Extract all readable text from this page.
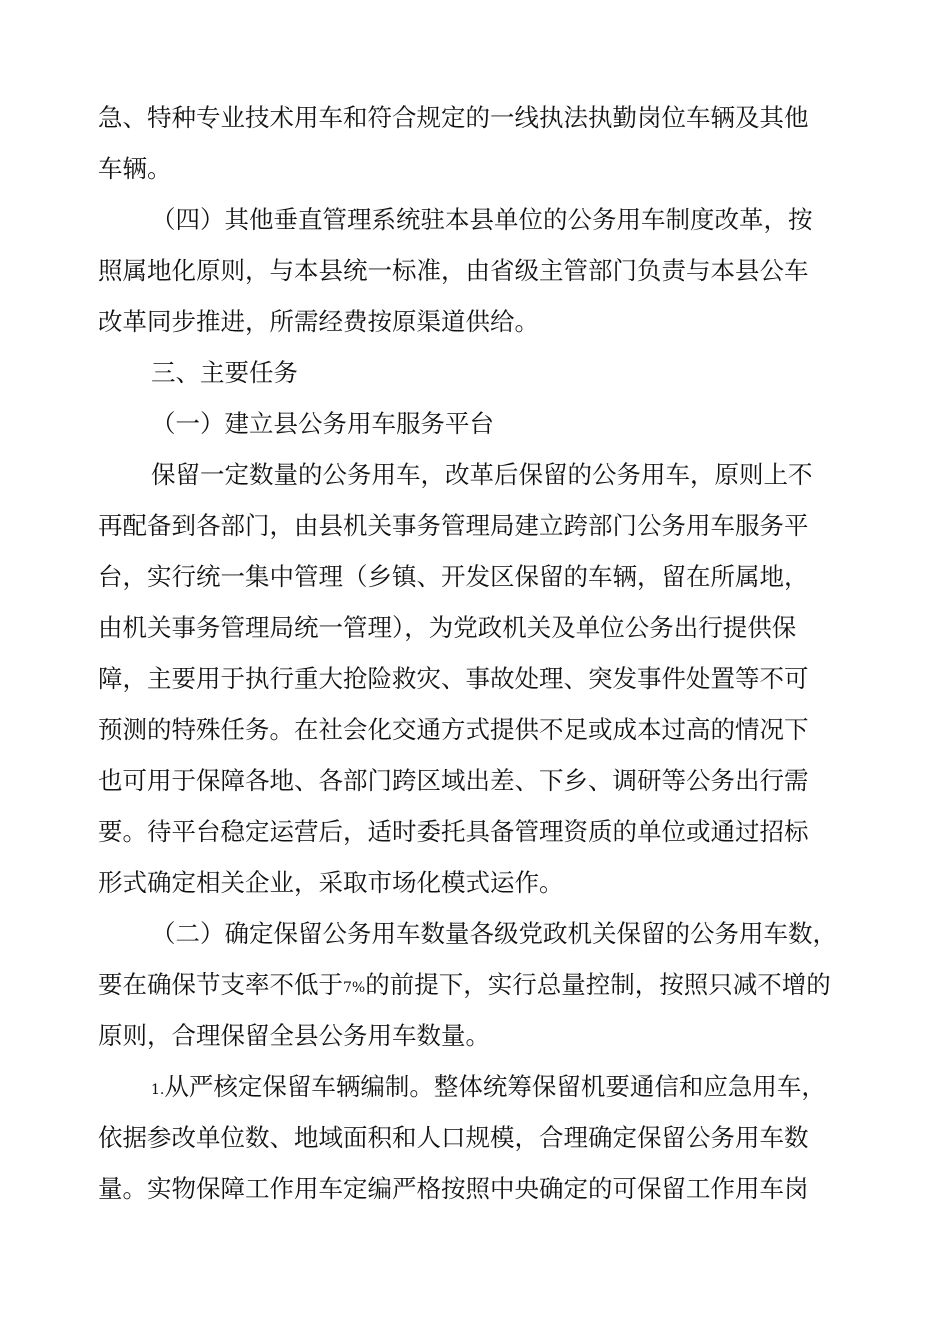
急、特种专业技术用车和符合规定的一线执法执勤岗位车辆及其他
车辆。
（四）其他垂直管理系统驻本县单位的公务用车制度改革，按
照属地化原则，与本县统一标准，由省级主管部门负责与本县公车
改革同步推进，所需经费按原渠道供给。
三、主要任务
（一）建立县公务用车服务平台
保留一定数量的公务用车，改革后保留的公务用车，原则上不
再配备到各部门，由县机关事务管理局建立跨部门公务用车服务平
台，实行统一集中管理（乡镇、开发区保留的车辆，留在所属地，
由机关事务管理局统一管理），为党政机关及单位公务出行提供保
障，主要用于执行重大抢险救灾、事故处理、突发事件处置等不可
预测的特殊任务。在社会化交通方式提供不足或成本过高的情况下
也可用于保障各地、各部门跨区域出差、下乡、调研等公务出行需
要。待平台稳定运营后，适时委托具备管理资质的单位或通过招标
形式确定相关企业，采取市场化模式运作。
（二）确定保留公务用车数量各级党政机关保留的公务用车数，
要在确保节支率不低于7%的前提下，实行总量控制，按照只减不增的
原则，合理保留全县公务用车数量。
1.从严核定保留车辆编制。整体统筹保留机要通信和应急用车，
依据参改单位数、地域面积和人口规模，合理确定保留公务用车数
量。实物保障工作用车定编严格按照中央确定的可保留工作用车岗
